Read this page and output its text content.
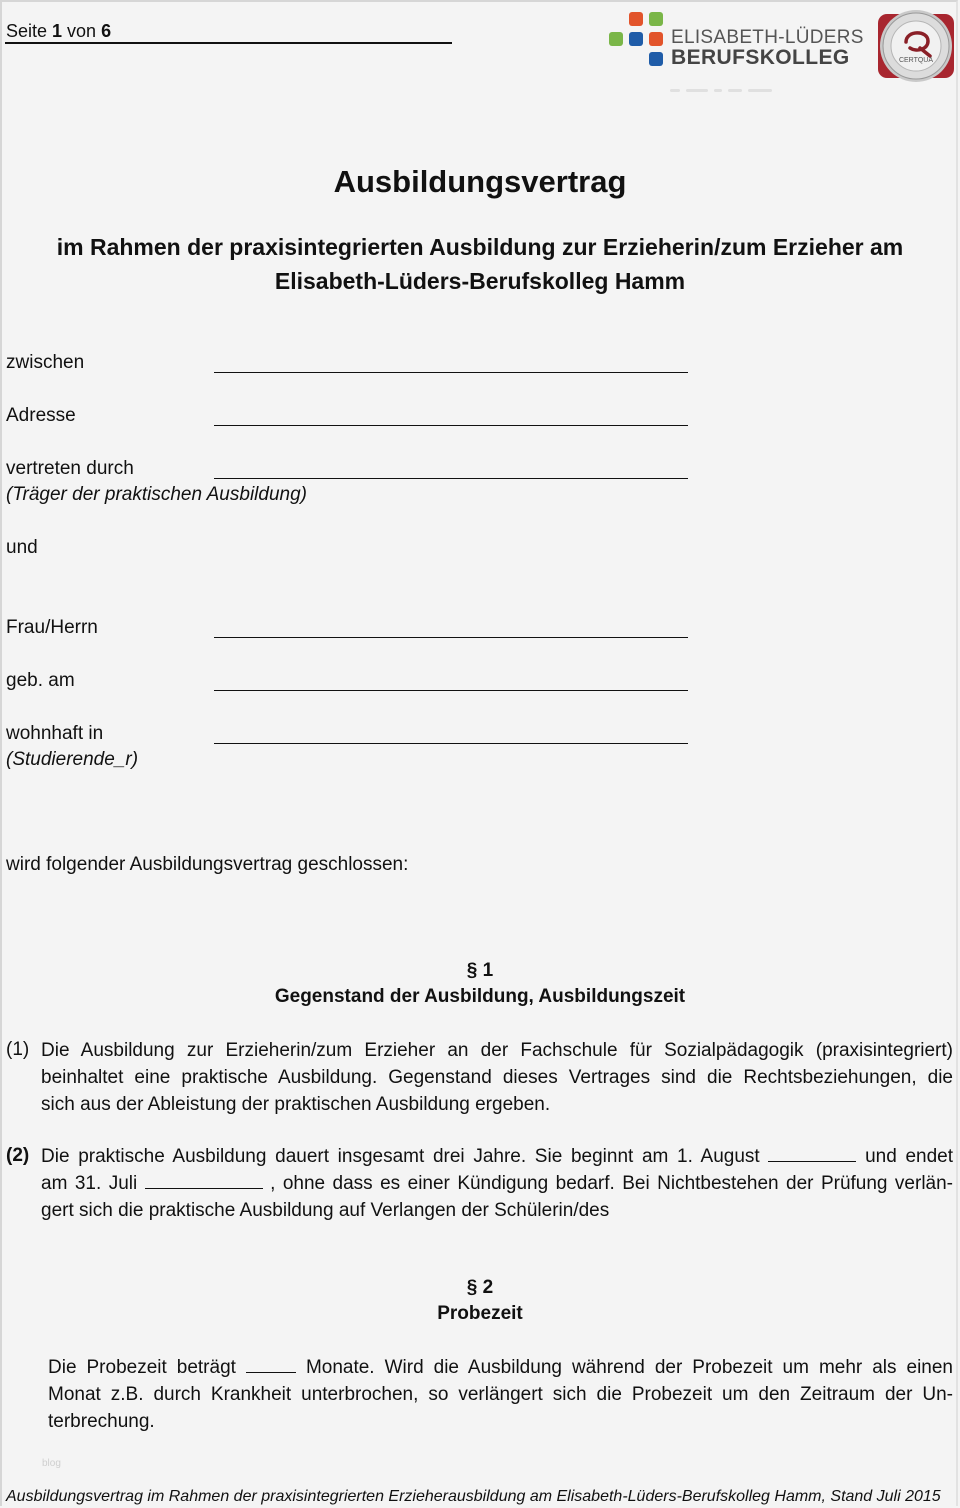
Seite 1 von 6	ELISABETH-LÜDERS
BERUFSKOLLEG	CERTQUA
Ausbildungsvertrag
im Rahmen der praxisintegrierten Ausbildung zur Erzieherin/zum Erzieher am
Elisabeth-Lüders-Berufskolleg Hamm
zwischen
Adresse
vertreten durch
(Träger der praktischen Ausbildung)
und
Frau/Herrn
geb. am
wohnhaft in
(Studierende_r)
wird folgender Ausbildungsvertrag geschlossen:
§ 1
Gegenstand der Ausbildung, Ausbildungszeit
(1) Die Ausbildung zur Erzieherin/zum Erzieher an der Fachschule für Sozialpädagogik (praxisintegriert)
beinhaltet eine praktische Ausbildung. Gegenstand dieses Vertrages sind die Rechtsbeziehungen, die
sich aus der Ableistung der praktischen Ausbildung ergeben.
(2) Die praktische Ausbildung dauert insgesamt drei Jahre. Sie beginnt am 1. August	und endet
am 31. Juli	, ohne dass es einer Kündigung bedarf. Bei Nichtbestehen der Prüfung verlän-
gert sich die praktische Ausbildung auf Verlangen der Schülerin/des
§ 2
Probezeit
Die Probezeit beträgt	Monate. Wird die Ausbildung während der Probezeit um mehr als einen
Monat z.B. durch Krankheit unterbrochen, so verlängert sich die Probezeit um den Zeitraum der Un-
terbrechung.
blog
Ausbildungsvertrag im Rahmen der praxisintegrierten Erzieherausbildung am Elisabeth-Lüders-Berufskolleg Hamm, Stand Juli 2015
